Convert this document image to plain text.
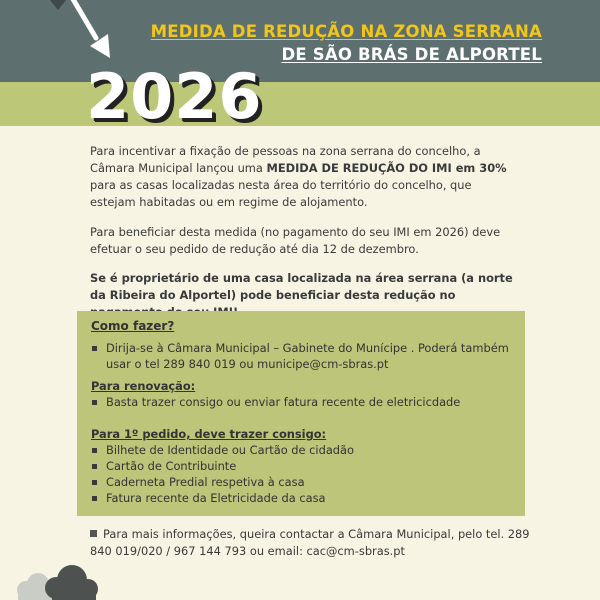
MEDIDA DE REDUÇÃO NA ZONA SERRANA
DE SÃO BRÁS DE ALPORTEL
2026
Para incentivar a fixação de pessoas na zona serrana do concelho, a Câmara Municipal lançou uma MEDIDA DE REDUÇÃO DO IMI em 30% para as casas localizadas nesta área do território do concelho, que estejam habitadas ou em regime de alojamento.
Para beneficiar desta medida (no pagamento do seu IMI em 2026) deve efetuar o seu pedido de redução até dia 12 de dezembro.
Se é proprietário de uma casa localizada na área serrana (a norte da Ribeira do Alportel) pode beneficiar desta redução no
Como fazer?
Dirija-se à Câmara Municipal – Gabinete do Munícipe . Poderá também usar o tel 289 840 019 ou municipe@cm-sbras.pt
Para renovação:
Basta trazer consigo ou enviar fatura recente de eletricicdade
Para 1º pedido, deve trazer consigo:
Bilhete de Identidade ou Cartão de cidadão
Cartão de Contribuinte
Caderneta Predial respetiva à casa
Fatura recente da Eletricidade da casa
Para mais informações, queira contactar a Câmara Municipal, pelo tel. 289 840 019/020 / 967 144 793 ou email: cac@cm-sbras.pt
